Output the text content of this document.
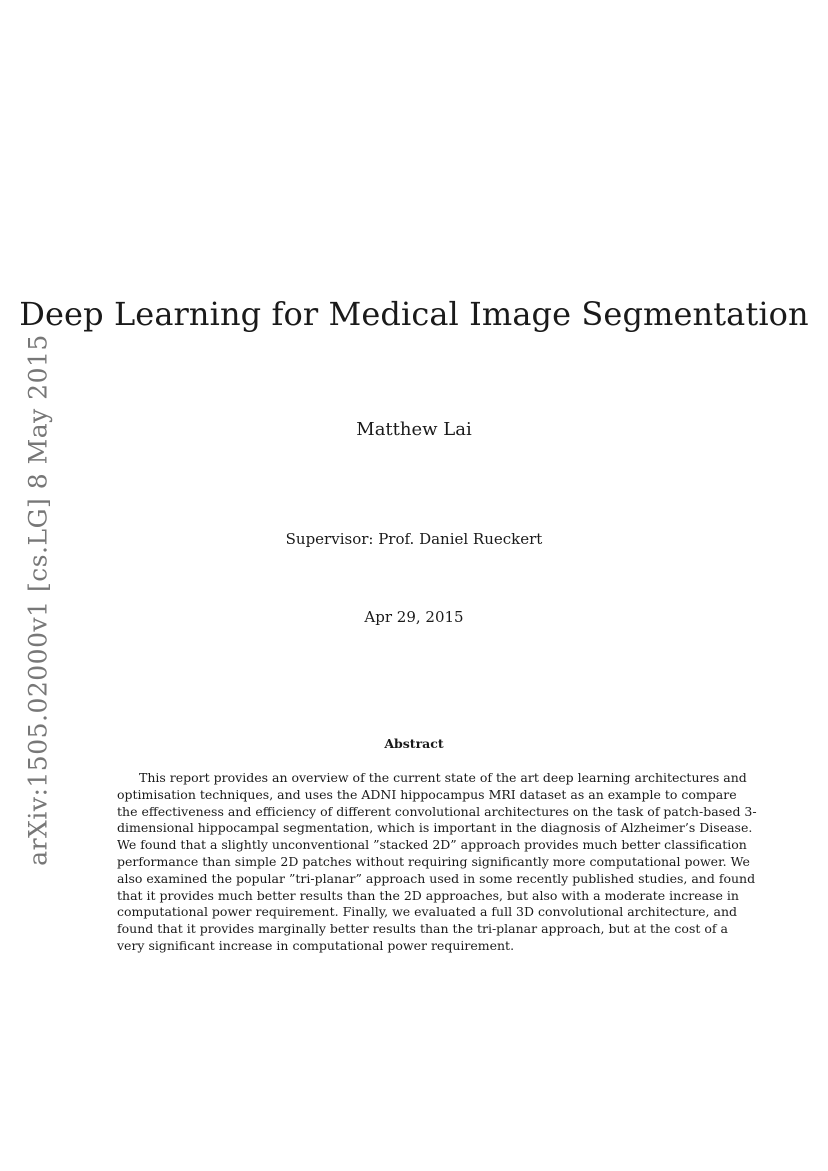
arXiv:1505.02000v1 [cs.LG] 8 May 2015
Deep Learning for Medical Image Segmentation
Matthew Lai
Supervisor: Prof. Daniel Rueckert
Apr 29, 2015
Abstract
This report provides an overview of the current state of the art deep learning architectures and
optimisation techniques, and uses the ADNI hippocampus MRI dataset as an example to compare
the effectiveness and efficiency of different convolutional architectures on the task of patch-based 3-
dimensional hippocampal segmentation, which is important in the diagnosis of Alzheimer’s Disease.
We found that a slightly unconventional ”stacked 2D” approach provides much better classification
performance than simple 2D patches without requiring significantly more computational power. We
also examined the popular ”tri-planar” approach used in some recently published studies, and found
that it provides much better results than the 2D approaches, but also with a moderate increase in
computational power requirement. Finally, we evaluated a full 3D convolutional architecture, and
found that it provides marginally better results than the tri-planar approach, but at the cost of a
very significant increase in computational power requirement.
